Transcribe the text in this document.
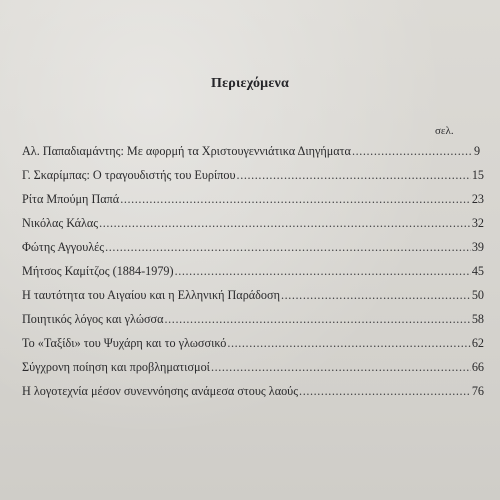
Περιεχόμενα
σελ.
Αλ. Παπαδιαμάντης: Με αφορμή τα Χριστουγεννιάτικα Διηγήματα .....	9
Γ. Σκαρίμπας: Ο τραγουδιστής του Ευρίπου .....	15
Ρίτα Μπούμη Παπά .....	23
Νικόλας Κάλας .....	32
Φώτης Αγγουλές .....	39
Μήτσος Καμίτζος (1884-1979) .....	45
Η ταυτότητα του Αιγαίου και η Ελληνική Παράδοση .....	50
Ποιητικός λόγος και γλώσσα .....	58
Το «Ταξίδι» του Ψυχάρη και το γλωσσικό .....	62
Σύγχρονη ποίηση και προβληματισμοί .....	66
Η λογοτεχνία μέσον συνεννόησης ανάμεσα στους λαούς .....	76
